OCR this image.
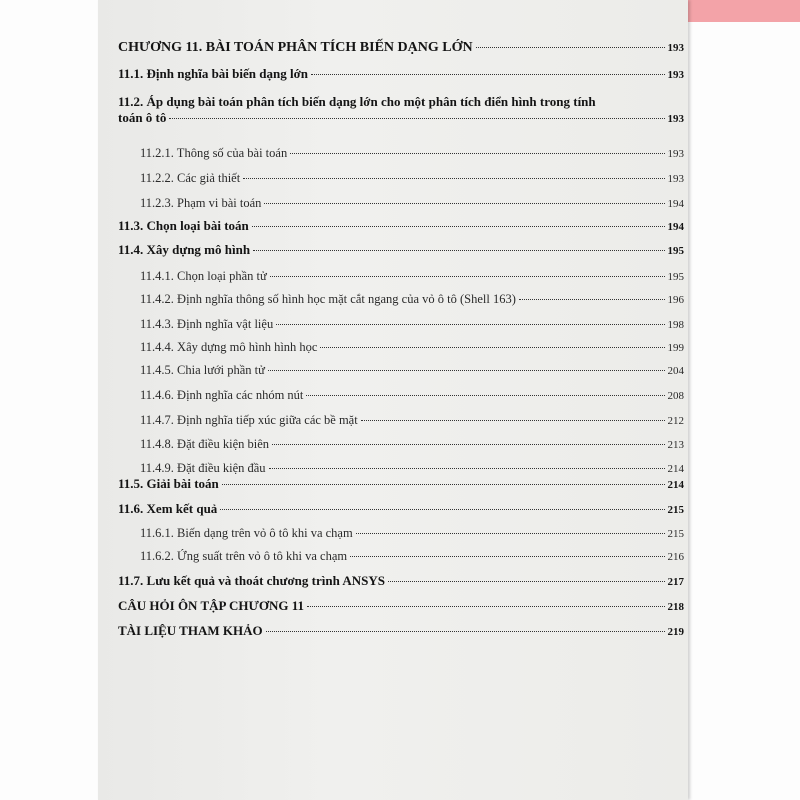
CHƯƠNG 11. BÀI TOÁN PHÂN TÍCH BIẾN DẠNG LỚN	193
11.1. Định nghĩa bài biến dạng lớn	193
11.2. Áp dụng bài toán phân tích biến dạng lớn cho một phân tích điển hình trong tính
toán ô tô	193
11.2.1. Thông số của bài toán	193
11.2.2. Các giả thiết	193
11.2.3. Phạm vi bài toán	194
11.3. Chọn loại bài toán	194
11.4. Xây dựng mô hình	195
11.4.1. Chọn loại phần tử	195
11.4.2. Định nghĩa thông số hình học mặt cắt ngang của vỏ ô tô (Shell 163)	196
11.4.3. Định nghĩa vật liệu	198
11.4.4. Xây dựng mô hình hình học	199
11.4.5. Chia lưới phần tử	204
11.4.6. Định nghĩa các nhóm nút	208
11.4.7. Định nghĩa tiếp xúc giữa các bề mặt	212
11.4.8. Đặt điều kiện biên	213
11.4.9. Đặt điều kiện đầu	214
11.5. Giải bài toán	214
11.6. Xem kết quả	215
11.6.1. Biến dạng trên vỏ ô tô khi va chạm	215
11.6.2. Ứng suất trên vỏ ô tô khi va chạm	216
11.7. Lưu kết quả và thoát chương trình ANSYS	217
CÂU HỎI ÔN TẬP CHƯƠNG 11	218
TÀI LIỆU THAM KHẢO	219
